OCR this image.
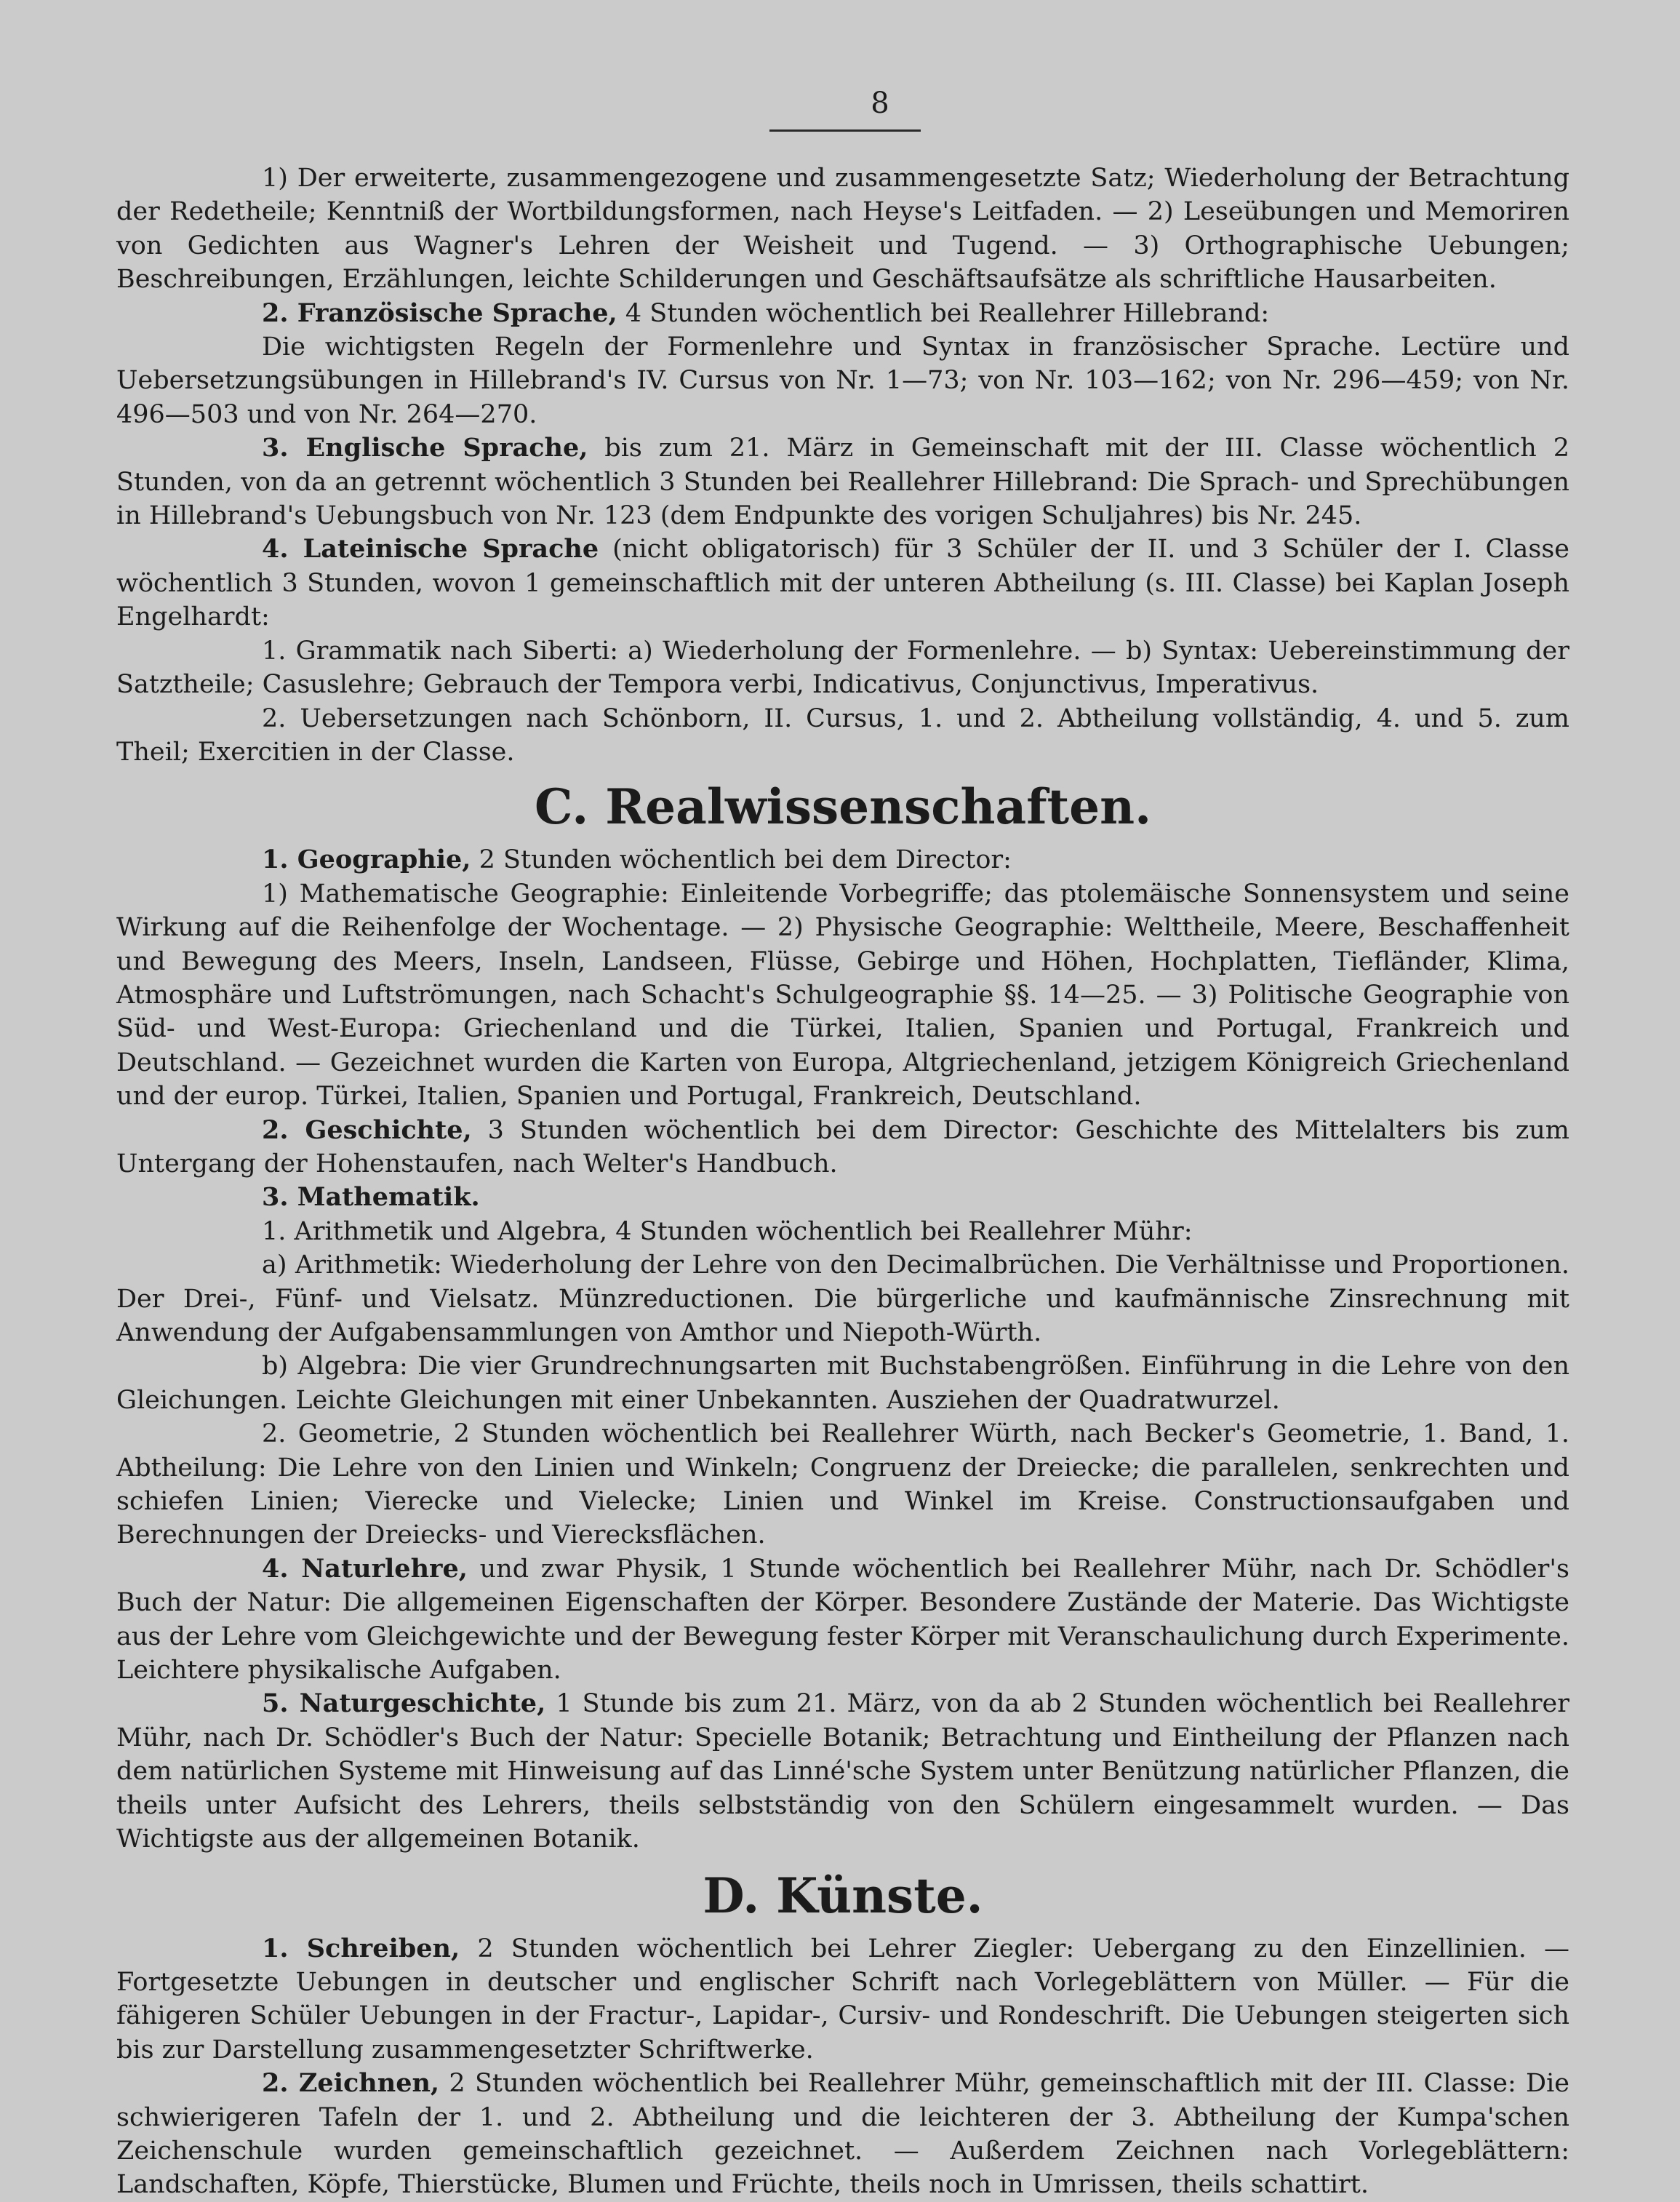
8

1) Der erweiterte, zusammengezogene und zusammengesetzte Satz; Wiederholung der Betrachtung der Redetheile; Kenntniß der Wortbildungsformen, nach Heyse's Leitfaden. — 2) Leseübungen und Memoriren von Gedichten aus Wagner's Lehren der Weisheit und Tugend. — 3) Orthographische Uebungen; Beschreibungen, Erzählungen, leichte Schilderungen und Geschäftsaufsätze als schriftliche Hausarbeiten.

2. Französische Sprache, 4 Stunden wöchentlich bei Reallehrer Hillebrand:

Die wichtigsten Regeln der Formenlehre und Syntax in französischer Sprache. Lectüre und Uebersetzungsübungen in Hillebrand's IV. Cursus von Nr. 1—73; von Nr. 103—162; von Nr. 296—459; von Nr. 496—503 und von Nr. 264—270.

3. Englische Sprache, bis zum 21. März in Gemeinschaft mit der III. Classe wöchentlich 2 Stunden, von da an getrennt wöchentlich 3 Stunden bei Reallehrer Hillebrand: Die Sprach- und Sprechübungen in Hillebrand's Uebungsbuch von Nr. 123 (dem Endpunkte des vorigen Schuljahres) bis Nr. 245.

4. Lateinische Sprache (nicht obligatorisch) für 3 Schüler der II. und 3 Schüler der I. Classe wöchentlich 3 Stunden, wovon 1 gemeinschaftlich mit der unteren Abtheilung (s. III. Classe) bei Kaplan Joseph Engelhardt:

1. Grammatik nach Siberti: a) Wiederholung der Formenlehre. — b) Syntax: Uebereinstimmung der Satztheile; Casuslehre; Gebrauch der Tempora verbi, Indicativus, Conjunctivus, Imperativus.

2. Uebersetzungen nach Schönborn, II. Cursus, 1. und 2. Abtheilung vollständig, 4. und 5. zum Theil; Exercitien in der Classe.

C. Realwissenschaften.

1. Geographie, 2 Stunden wöchentlich bei dem Director:

1) Mathematische Geographie: Einleitende Vorbegriffe; das ptolemäische Sonnensystem und seine Wirkung auf die Reihenfolge der Wochentage. — 2) Physische Geographie: Welttheile, Meere, Beschaffenheit und Bewegung des Meers, Inseln, Landseen, Flüsse, Gebirge und Höhen, Hochplatten, Tiefländer, Klima, Atmosphäre und Luftströmungen, nach Schacht's Schulgeographie §§. 14—25. — 3) Politische Geographie von Süd- und West-Europa: Griechenland und die Türkei, Italien, Spanien und Portugal, Frankreich und Deutschland. — Gezeichnet wurden die Karten von Europa, Altgriechenland, jetzigem Königreich Griechenland und der europ. Türkei, Italien, Spanien und Portugal, Frankreich, Deutschland.

2. Geschichte, 3 Stunden wöchentlich bei dem Director: Geschichte des Mittelalters bis zum Untergang der Hohenstaufen, nach Welter's Handbuch.

3. Mathematik.

1. Arithmetik und Algebra, 4 Stunden wöchentlich bei Reallehrer Mühr:

a) Arithmetik: Wiederholung der Lehre von den Decimalbrüchen. Die Verhältnisse und Proportionen. Der Drei-, Fünf- und Vielsatz. Münzreductionen. Die bürgerliche und kaufmännische Zinsrechnung mit Anwendung der Aufgabensammlungen von Amthor und Niepoth-Würth.

b) Algebra: Die vier Grundrechnungsarten mit Buchstabengrößen. Einführung in die Lehre von den Gleichungen. Leichte Gleichungen mit einer Unbekannten. Ausziehen der Quadratwurzel.

2. Geometrie, 2 Stunden wöchentlich bei Reallehrer Würth, nach Becker's Geometrie, 1. Band, 1. Abtheilung: Die Lehre von den Linien und Winkeln; Congruenz der Dreiecke; die parallelen, senkrechten und schiefen Linien; Vierecke und Vielecke; Linien und Winkel im Kreise. Constructionsaufgaben und Berechnungen der Dreiecks- und Vierecksflächen.

4. Naturlehre, und zwar Physik, 1 Stunde wöchentlich bei Reallehrer Mühr, nach Dr. Schödler's Buch der Natur: Die allgemeinen Eigenschaften der Körper. Besondere Zustände der Materie. Das Wichtigste aus der Lehre vom Gleichgewichte und der Bewegung fester Körper mit Veranschaulichung durch Experimente. Leichtere physikalische Aufgaben.

5. Naturgeschichte, 1 Stunde bis zum 21. März, von da ab 2 Stunden wöchentlich bei Reallehrer Mühr, nach Dr. Schödler's Buch der Natur: Specielle Botanik; Betrachtung und Eintheilung der Pflanzen nach dem natürlichen Systeme mit Hinweisung auf das Linné'sche System unter Benützung natürlicher Pflanzen, die theils unter Aufsicht des Lehrers, theils selbstständig von den Schülern eingesammelt wurden. — Das Wichtigste aus der allgemeinen Botanik.

D. Künste.

1. Schreiben, 2 Stunden wöchentlich bei Lehrer Ziegler: Uebergang zu den Einzellinien. — Fortgesetzte Uebungen in deutscher und englischer Schrift nach Vorlegeblättern von Müller. — Für die fähigeren Schüler Uebungen in der Fractur-, Lapidar-, Cursiv- und Rondeschrift. Die Uebungen steigerten sich bis zur Darstellung zusammengesetzter Schriftwerke.

2. Zeichnen, 2 Stunden wöchentlich bei Reallehrer Mühr, gemeinschaftlich mit der III. Classe: Die schwierigeren Tafeln der 1. und 2. Abtheilung und die leichteren der 3. Abtheilung der Kumpa'schen Zeichenschule wurden gemeinschaftlich gezeichnet. — Außerdem Zeichnen nach Vorlegeblättern: Landschaften, Köpfe, Thierstücke, Blumen und Früchte, theils noch in Umrissen, theils schattirt.
